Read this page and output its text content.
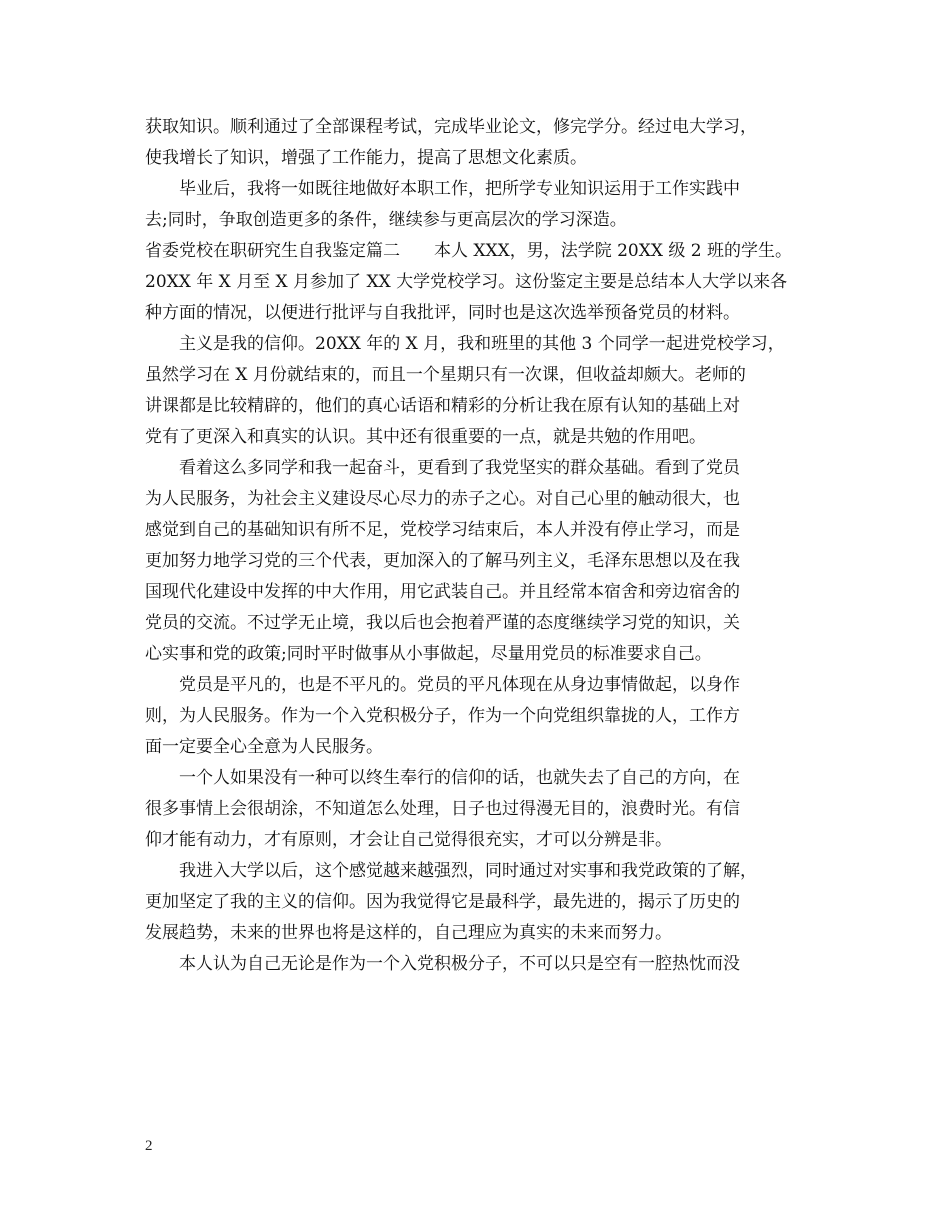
获取知识。顺利通过了全部课程考试，完成毕业论文，修完学分。经过电大学习，
使我增长了知识，增强了工作能力，提高了思想文化素质。
毕业后，我将一如既往地做好本职工作，把所学专业知识运用于工作实践中
去;同时，争取创造更多的条件，继续参与更高层次的学习深造。
省委党校在职研究生自我鉴定篇二　　本人 XXX，男，法学院 20XX 级 2 班的学生。
20XX 年 X 月至 X 月参加了 XX 大学党校学习。这份鉴定主要是总结本人大学以来各
种方面的情况，以便进行批评与自我批评，同时也是这次选举预备党员的材料。
主义是我的信仰。20XX 年的 X 月，我和班里的其他 3 个同学一起进党校学习，
虽然学习在 X 月份就结束的，而且一个星期只有一次课，但收益却颇大。老师的
讲课都是比较精辟的，他们的真心话语和精彩的分析让我在原有认知的基础上对
党有了更深入和真实的认识。其中还有很重要的一点，就是共勉的作用吧。
看着这么多同学和我一起奋斗，更看到了我党坚实的群众基础。看到了党员
为人民服务，为社会主义建设尽心尽力的赤子之心。对自己心里的触动很大，也
感觉到自己的基础知识有所不足，党校学习结束后，本人并没有停止学习，而是
更加努力地学习党的三个代表，更加深入的了解马列主义，毛泽东思想以及在我
国现代化建设中发挥的中大作用，用它武装自己。并且经常本宿舍和旁边宿舍的
党员的交流。不过学无止境，我以后也会抱着严谨的态度继续学习党的知识，关
心实事和党的政策;同时平时做事从小事做起，尽量用党员的标准要求自己。
党员是平凡的，也是不平凡的。党员的平凡体现在从身边事情做起，以身作
则，为人民服务。作为一个入党积极分子，作为一个向党组织靠拢的人，工作方
面一定要全心全意为人民服务。
一个人如果没有一种可以终生奉行的信仰的话，也就失去了自己的方向，在
很多事情上会很胡涂，不知道怎么处理，日子也过得漫无目的，浪费时光。有信
仰才能有动力，才有原则，才会让自己觉得很充实，才可以分辨是非。
我进入大学以后，这个感觉越来越强烈，同时通过对实事和我党政策的了解，
更加坚定了我的主义的信仰。因为我觉得它是最科学，最先进的，揭示了历史的
发展趋势，未来的世界也将是这样的，自己理应为真实的未来而努力。
本人认为自己无论是作为一个入党积极分子，不可以只是空有一腔热忱而没
2
